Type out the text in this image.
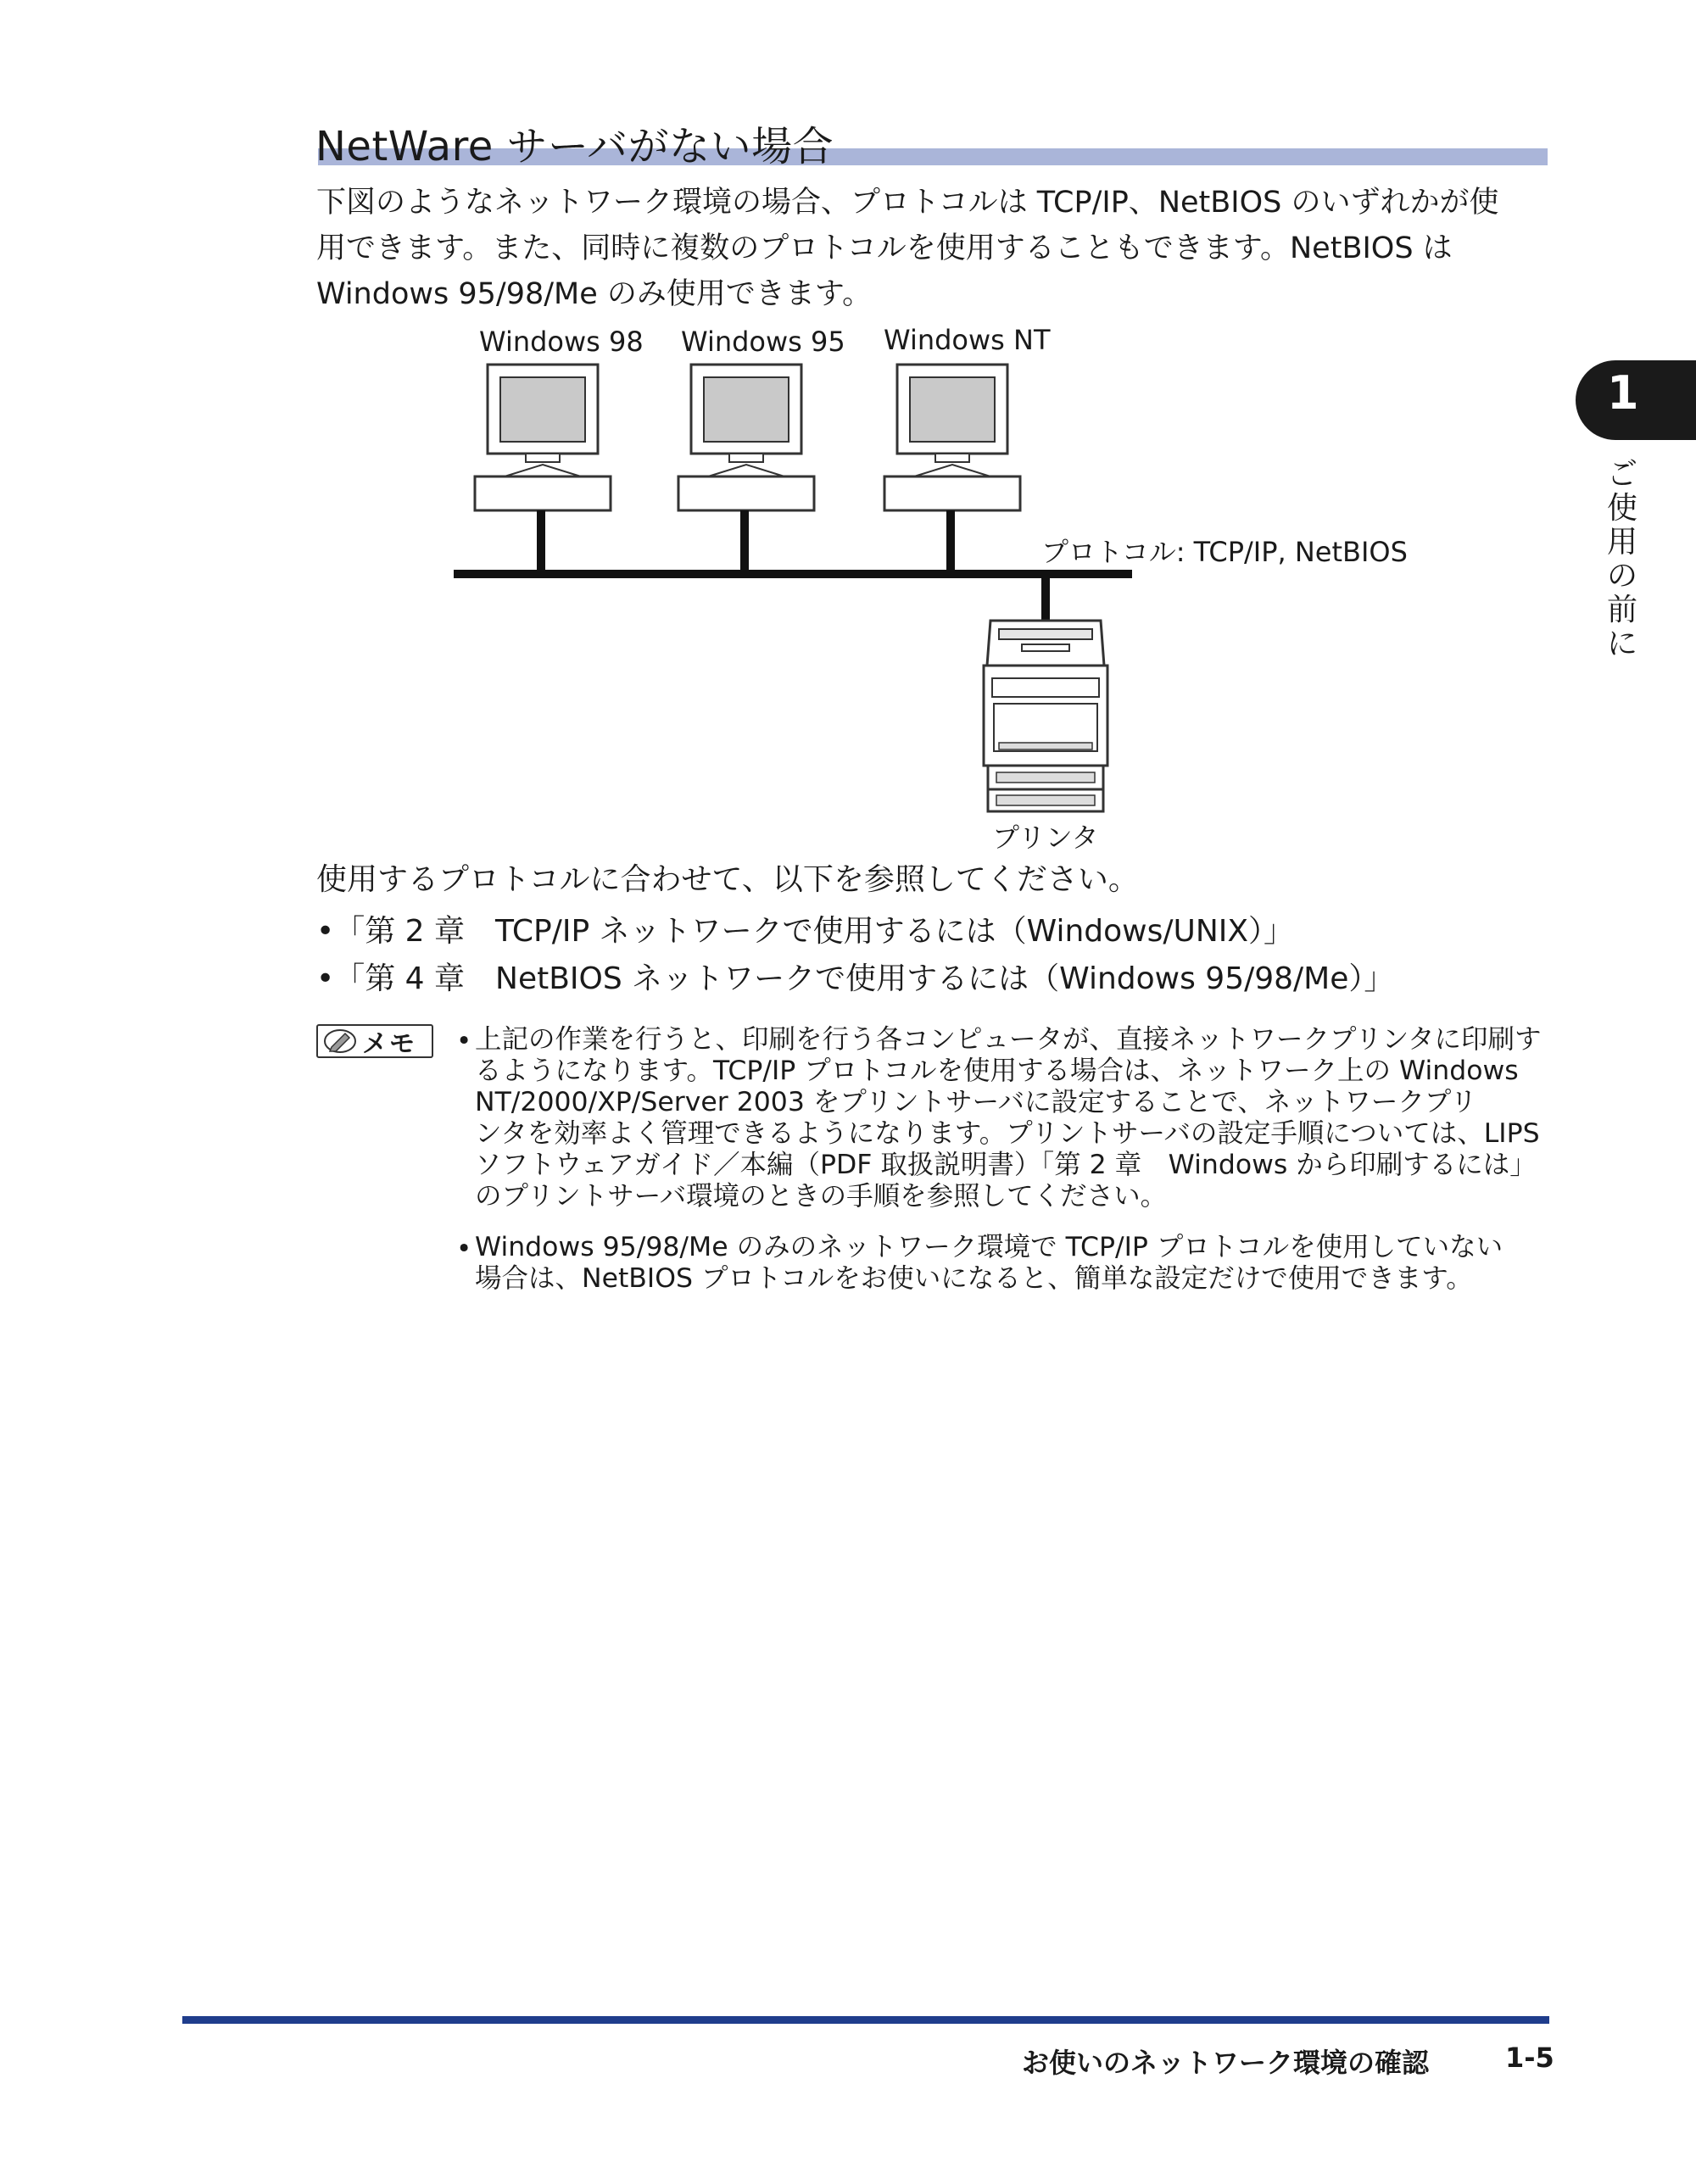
NetWare サーバがない場合
下図のようなネットワーク環境の場合、プロトコルは TCP/IP、NetBIOS のいずれかが使
用できます。また、同時に複数のプロトコルを使用することもできます。NetBIOS は
Windows 95/98/Me のみ使用できます。
Windows 98 Windows 95 Windows NT
プロトコル: TCP/IP, NetBIOS
プリンタ
1
ご
使
用
の
前
に
使用するプロトコルに合わせて、以下を参照してください。
•「第 2 章　TCP/IP ネットワークで使用するには（Windows/UNIX）」
•「第 4 章　NetBIOS ネットワークで使用するには（Windows 95/98/Me）」
メモ • 上記の作業を行うと、印刷を行う各コンピュータが、直接ネットワークプリンタに印刷す
るようになります。TCP/IP プロトコルを使用する場合は、ネットワーク上の Windows
NT/2000/XP/Server 2003 をプリントサーバに設定することで、ネットワークプリ
ンタを効率よく管理できるようになります。プリントサーバの設定手順については、LIPS
ソフトウェアガイド／本編（PDF 取扱説明書）「第 2 章　Windows から印刷するには」
のプリントサーバ環境のときの手順を参照してください。
• Windows 95/98/Me のみのネットワーク環境で TCP/IP プロトコルを使用していない
場合は、NetBIOS プロトコルをお使いになると、簡単な設定だけで使用できます。
お使いのネットワーク環境の確認	1-5
